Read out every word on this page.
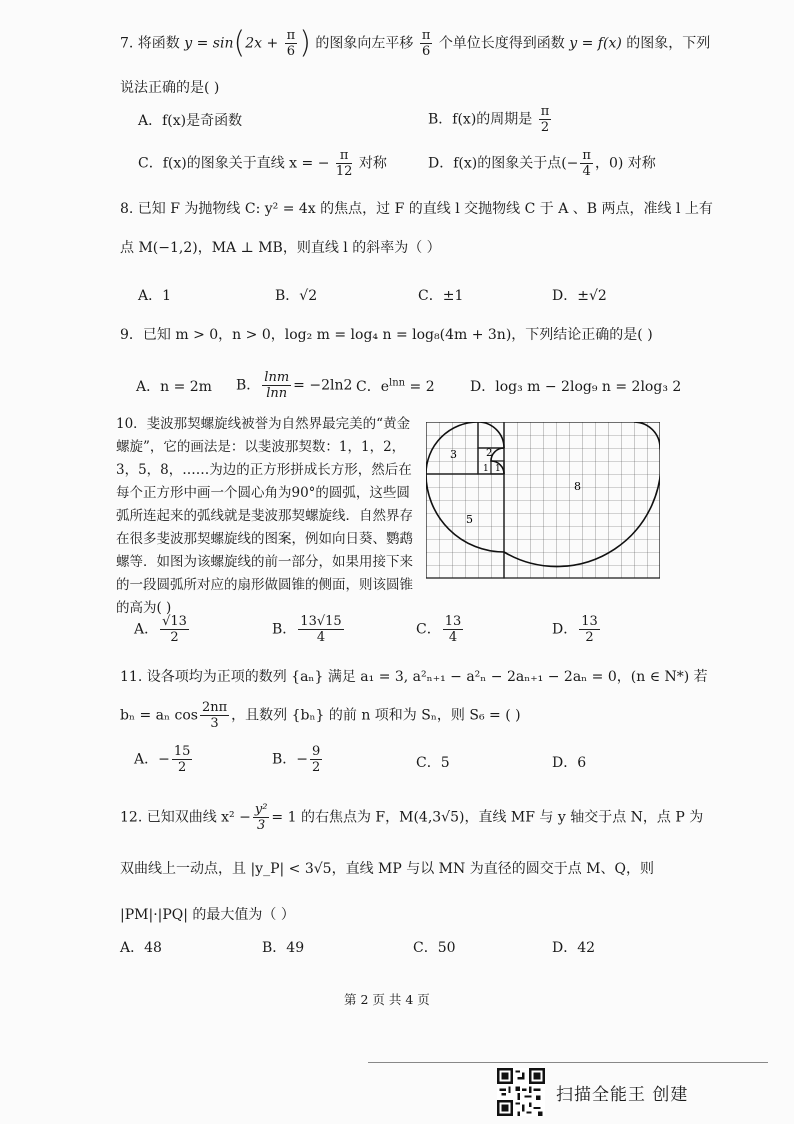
7. 将函数 $y = \sin(2x + \frac{\pi}{6}$ ) 的图象向左平移 $\frac{\pi}{6}$ 个单位长度得到函数 y = f(x) 的图象，下列
说法正确的是( )
A．f(x)是奇函数	B．f(x)的周期是 $\frac{\pi}{2}$
C．f(x)的图象关于直线 x = − $\frac{\pi}{12}$ 对称	D．f(x)的图象关于点(− $\frac{\pi}{4}$ ，0) 对称
8. 已知 F 为抛物线 C: y² = 4x 的焦点，过 F 的直线 l 交抛物线 C 于 A 、B 两点，准线 l 上有
点 M(−1,2)，MA ⊥ MB，则直线 l 的斜率为（ ）
A．1	B．√2	C．±1	D．±√2
9．已知 m > 0，n > 0，log₂ m = log₄ n = log₈(4m + 3n)，下列结论正确的是( )
A．n = 2m B． $\frac{\ln m}{\ln n} = -2\ln 2$ C．$e^{lnn} = 2$	D．log₃ m − 2log₉ n = 2log₃ 2
10．斐波那契螺旋线被誉为自然界最完美的“黄金螺旋”，它的画法是：以斐波那契数：1，1，2，3，5，8，……为边的正方形拼成长方形，然后在每个正方形中画一个圆心角为90°的圆弧，这些圆弧所连起来的弧线就是斐波那契螺旋线．自然界存在很多斐波那契螺旋线的图案，例如向日葵、鹦鹉螺等．如图为该螺旋线的前一部分，如果用接下来的一段圆弧所对应的扇形做圆锥的侧面，则该圆锥的高为( )
3	2
1 1
5
8
A． $\frac{√13}{2}$	B． $\frac{13√15}{4}$	C． $\frac{13}{4}$	D． $\frac{13}{2}$
11. 设各项均为正项的数列 {aₙ} 满足 a₁ = 3, a²ₙ₊₁ − a²ₙ − 2aₙ₊₁ − 2aₙ = 0，(n ∈ N*) 若
bₙ = aₙ $\cos \frac{2n\pi}{3}$ ，且数列 {bₙ} 的前 n 项和为 Sₙ，则 S₆ = ( )
A．− $\frac{15}{2}$	B．− $\frac{9}{2}$	C．5	D．6
12. 已知双曲线 $x^2 - \frac{\text{y²}}{3} = 1$ 的右焦点为 F，M(4,3√5)，直线 MF 与 y 轴交于点 N，点 P 为
双曲线上一动点，且 |y_P| < 3√5，直线 MP 与以 MN 为直径的圆交于点 M、Q，则
|PM|·|PQ| 的最大值为（ ）
A．48	B．49	C．50	D．42
第 2 页 共 4 页
扫描全能王 创建
